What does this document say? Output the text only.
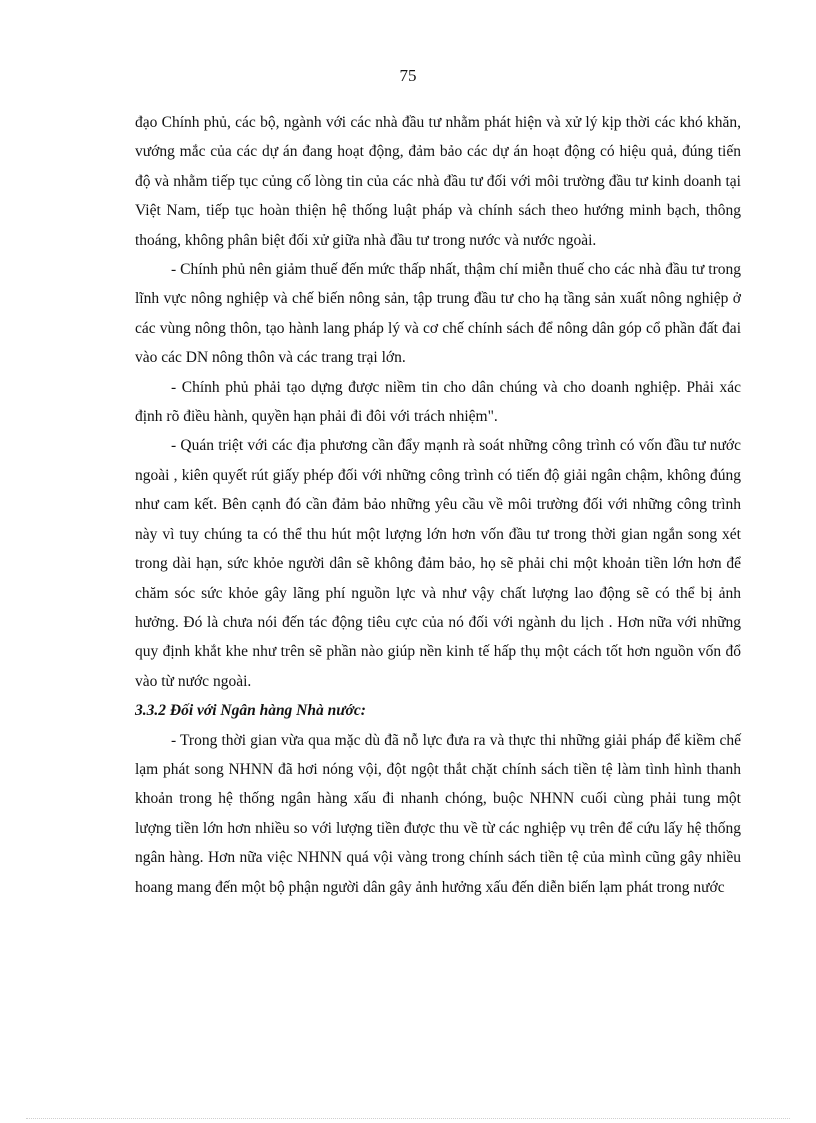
75

đạo Chính phủ, các bộ, ngành với các nhà đầu tư nhằm phát hiện và xử lý kịp thời các khó khăn, vướng mắc của các dự án đang hoạt động, đảm bảo các dự án hoạt động có hiệu quả, đúng tiến độ và nhằm tiếp tục củng cố lòng tin của các nhà đầu tư đối với môi trường đầu tư kinh doanh tại Việt Nam, tiếp tục hoàn thiện hệ thống luật pháp và chính sách theo hướng minh bạch, thông thoáng, không phân biệt đối xử giữa nhà đầu tư trong nước và nước ngoài.

- Chính phủ nên giảm thuế đến mức thấp nhất, thậm chí miễn thuế cho các nhà đầu tư trong lĩnh vực nông nghiệp và chế biến nông sản, tập trung đầu tư cho hạ tầng sản xuất nông nghiệp ở các vùng nông thôn, tạo hành lang pháp lý và cơ chế chính sách để nông dân góp cổ phần đất đai vào các DN nông thôn và các trang trại lớn.

- Chính phủ phải tạo dựng được niềm tin cho dân chúng và cho doanh nghiệp. Phải xác định rõ điều hành, quyền hạn phải đi đôi với trách nhiệm".

- Quán triệt với các địa phương cần đẩy mạnh rà soát những công trình có vốn đầu tư nước ngoài , kiên quyết rút giấy phép đối với những công trình có tiến độ giải ngân chậm, không đúng như cam kết. Bên cạnh đó cần đảm bảo những yêu cầu về môi trường đối với những công trình này vì tuy chúng ta có thể thu hút một lượng lớn hơn vốn đầu tư trong thời gian ngắn song xét trong dài hạn, sức khỏe người dân sẽ không đảm bảo, họ sẽ phải chi một khoản tiền lớn hơn để chăm sóc sức khỏe gây lãng phí nguồn lực và như vậy chất lượng lao động sẽ có thể bị ảnh hưởng. Đó là chưa nói đến tác động tiêu cực của nó đối với ngành du lịch . Hơn nữa với những quy định khắt khe như trên sẽ phần nào giúp nền kinh tế hấp thụ một cách tốt hơn nguồn vốn đổ vào từ nước ngoài.

3.3.2 Đối với Ngân hàng Nhà nước:

- Trong thời gian vừa qua mặc dù đã nỗ lực đưa ra và thực thi những giải pháp để kiềm chế lạm phát song NHNN đã hơi nóng vội, đột ngột thắt chặt chính sách tiền tệ làm tình hình thanh khoản trong hệ thống ngân hàng xấu đi nhanh chóng, buộc NHNN cuối cùng phải tung một lượng tiền lớn hơn nhiều so với lượng tiền được thu về từ các nghiệp vụ trên để cứu lấy hệ thống ngân hàng. Hơn nữa việc NHNN quá vội vàng trong chính sách tiền tệ của mình cũng gây nhiều hoang mang đến một bộ phận người dân gây ảnh hưởng xấu đến diễn biến lạm phát trong nước
